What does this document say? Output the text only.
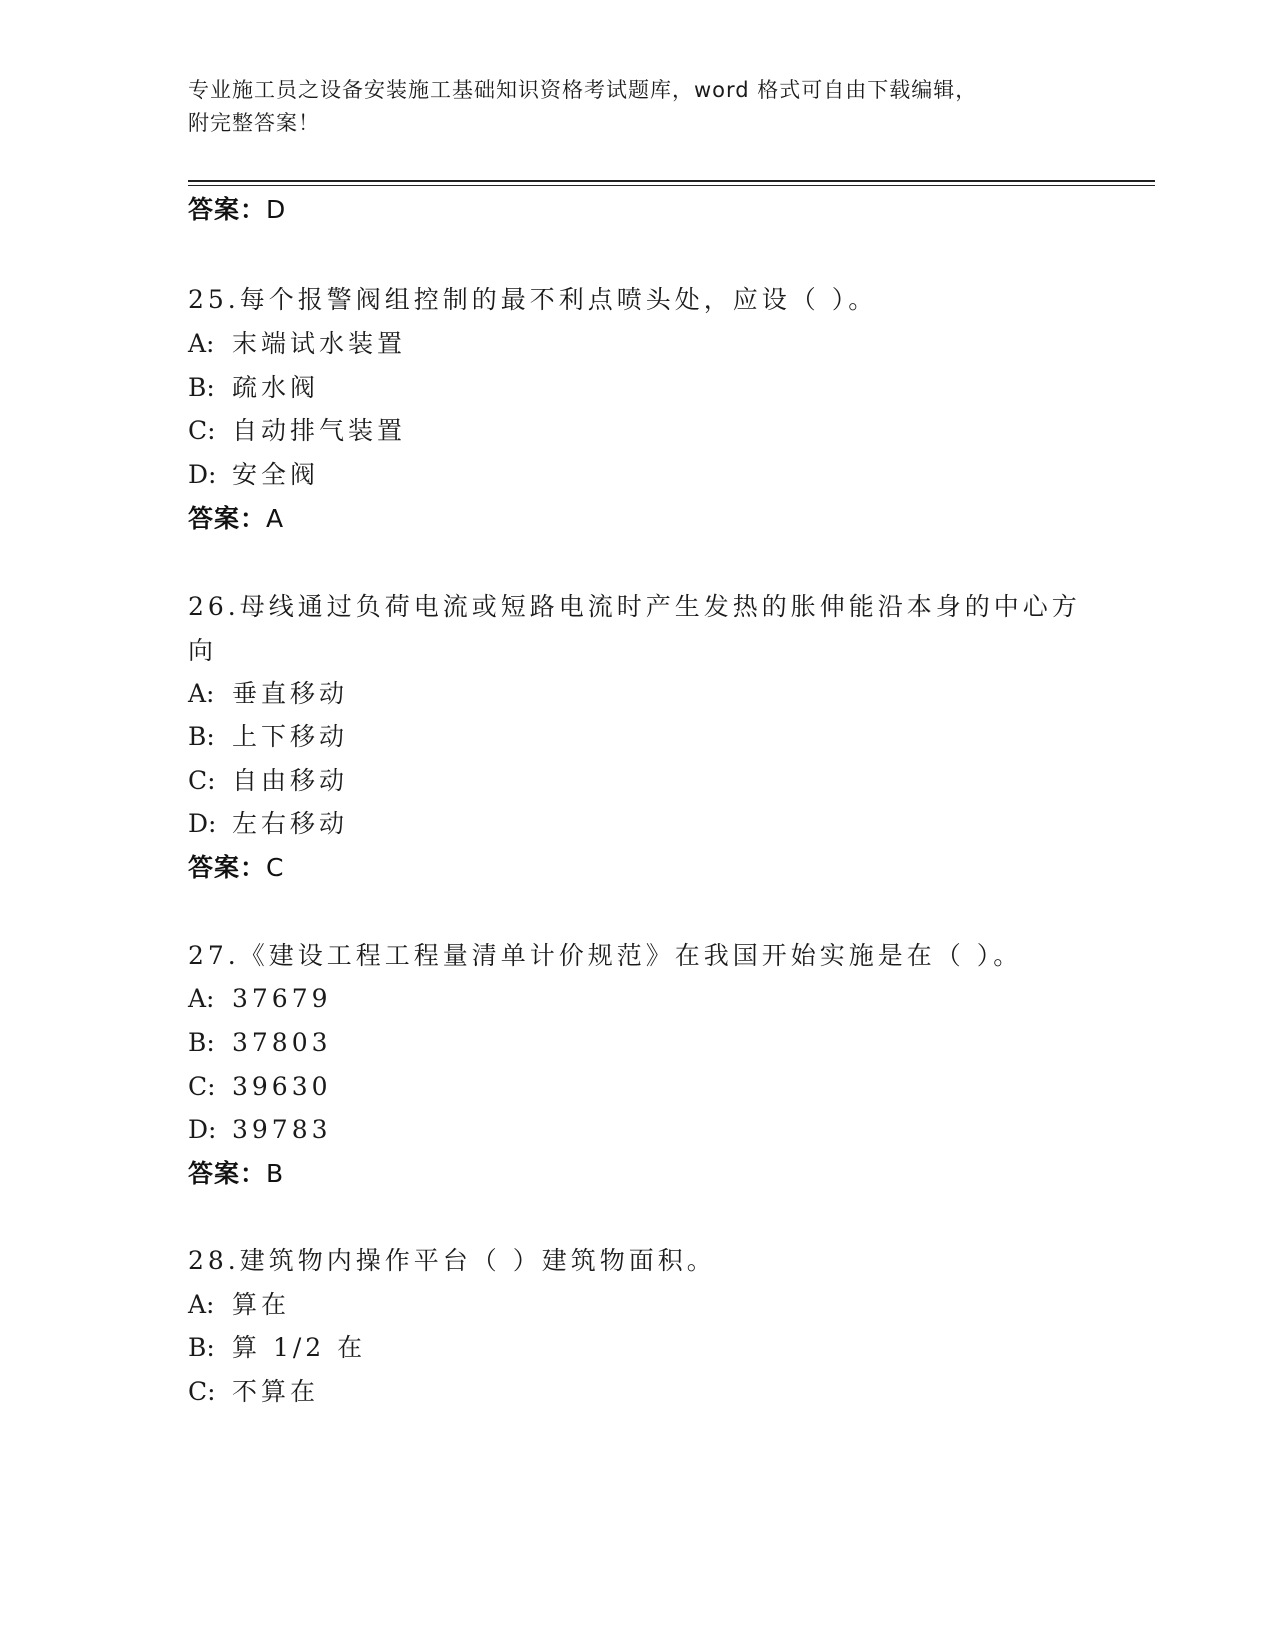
专业施工员之设备安装施工基础知识资格考试题库，word 格式可自由下载编辑，
附完整答案！
答案：D
25.每个报警阀组控制的最不利点喷头处，应设（ ）。
A: 末端试水装置
B: 疏水阀
C: 自动排气装置
D: 安全阀
答案：A
26.母线通过负荷电流或短路电流时产生发热的胀伸能沿本身的中心方
向
A: 垂直移动
B: 上下移动
C: 自由移动
D: 左右移动
答案：C
27.《建设工程工程量清单计价规范》在我国开始实施是在（ ）。
A: 37679
B: 37803
C: 39630
D: 39783
答案：B
28.建筑物内操作平台（ ）建筑物面积。
A: 算在
B: 算 1/2 在
C: 不算在
